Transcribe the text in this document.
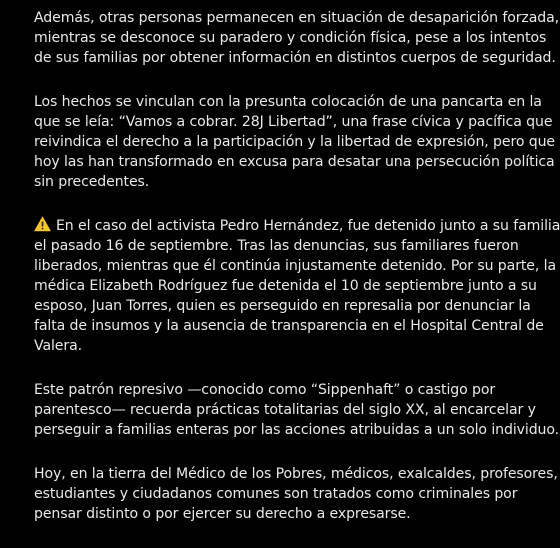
Además, otras personas permanecen en situación de desaparición forzada,
mientras se desconoce su paradero y condición física, pese a los intentos
de sus familias por obtener información en distintos cuerpos de seguridad.

Los hechos se vinculan con la presunta colocación de una pancarta en la
que se leía: “Vamos a cobrar. 28J Libertad”, una frase cívica y pacífica que
reivindica el derecho a la participación y la libertad de expresión, pero que
hoy las han transformado en excusa para desatar una persecución política
sin precedentes.

En el caso del activista Pedro Hernández, fue detenido junto a su familia
el pasado 16 de septiembre. Tras las denuncias, sus familiares fueron
liberados, mientras que él continúa injustamente detenido. Por su parte, la
médica Elizabeth Rodríguez fue detenida el 10 de septiembre junto a su
esposo, Juan Torres, quien es perseguido en represalia por denunciar la
falta de insumos y la ausencia de transparencia en el Hospital Central de
Valera.

Este patrón represivo —conocido como “Sippenhaft” o castigo por
parentesco— recuerda prácticas totalitarias del siglo XX, al encarcelar y
perseguir a familias enteras por las acciones atribuidas a un solo individuo.

Hoy, en la tierra del Médico de los Pobres, médicos, exalcaldes, profesores,
estudiantes y ciudadanos comunes son tratados como criminales por
pensar distinto o por ejercer su derecho a expresarse.
